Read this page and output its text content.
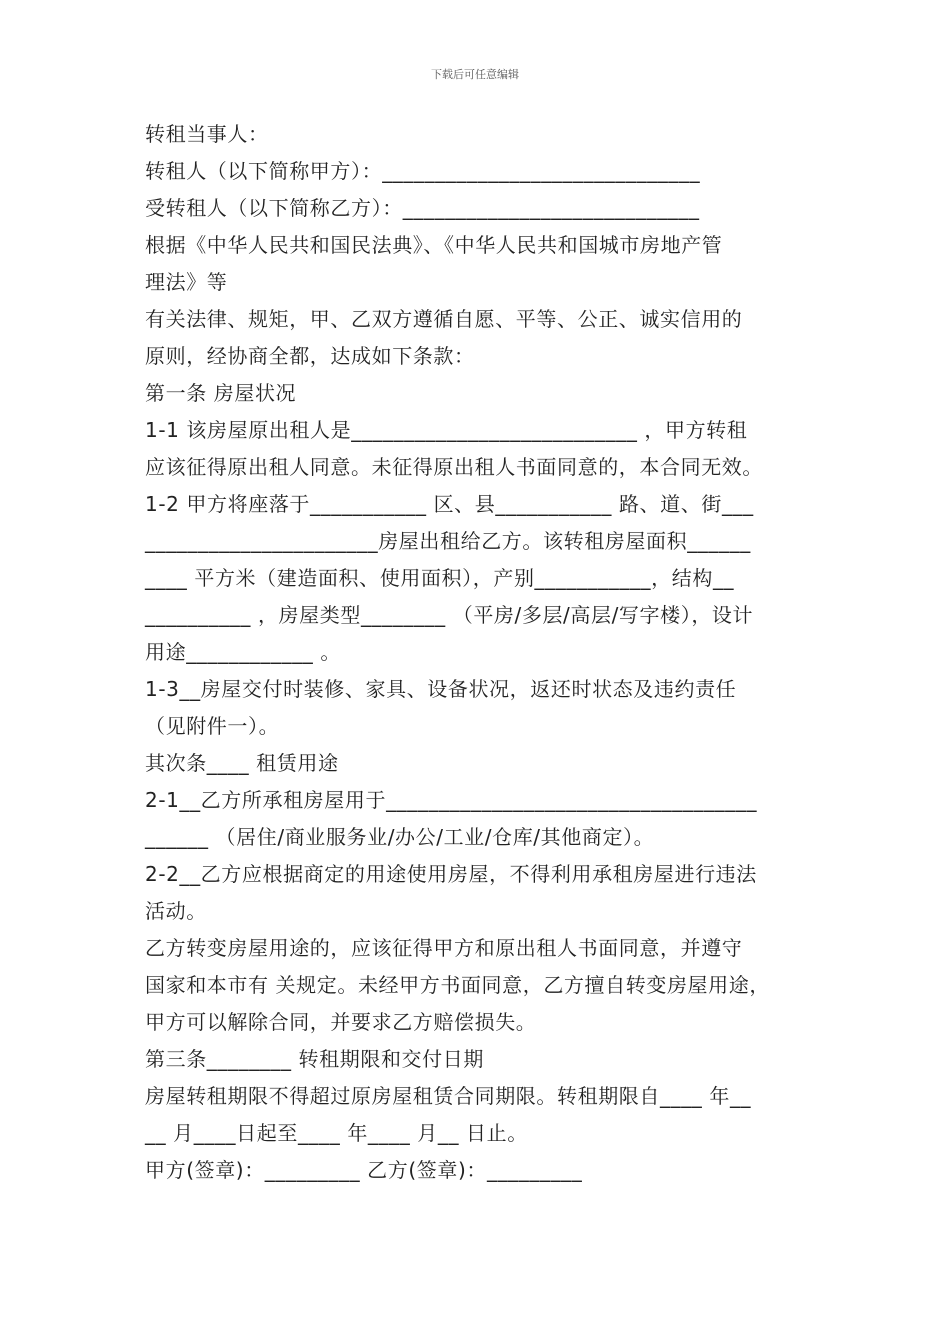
下载后可任意编辑
转租当事人：
转租人（以下简称甲方）：______________________________
受转租人（以下简称乙方）：____________________________
根据《中华人民共和国民法典》、《中华人民共和国城市房地产管
理法》等
有关法律、规矩，甲、乙双方遵循自愿、平等、公正、诚实信用的
原则，经协商全都，达成如下条款：
第一条 房屋状况
1-1 该房屋原出租人是___________________________ ，甲方转租
应该征得原出租人同意。未征得原出租人书面同意的，本合同无效。
1-2 甲方将座落于___________ 区、县___________ 路、道、街___
______________________房屋出租给乙方。该转租房屋面积______
____ 平方米（建造面积、使用面积），产别___________，结构__
__________ ，房屋类型________ （平房/多层/高层/写字楼），设计
用途____________ 。
1-3__房屋交付时装修、家具、设备状况，返还时状态及违约责任
（见附件一）。
其次条____ 租赁用途
2-1__乙方所承租房屋用于___________________________________
______ （居住/商业服务业/办公/工业/仓库/其他商定）。
2-2__乙方应根据商定的用途使用房屋，不得利用承租房屋进行违法
活动。
乙方转变房屋用途的，应该征得甲方和原出租人书面同意，并遵守
国家和本市有 关规定。未经甲方书面同意，乙方擅自转变房屋用途，
甲方可以解除合同，并要求乙方赔偿损失。
第三条________ 转租期限和交付日期
房屋转租期限不得超过原房屋租赁合同期限。转租期限自____ 年__
__ 月____日起至____ 年____ 月__ 日止。
甲方(签章)：_________ 乙方(签章)：_________
